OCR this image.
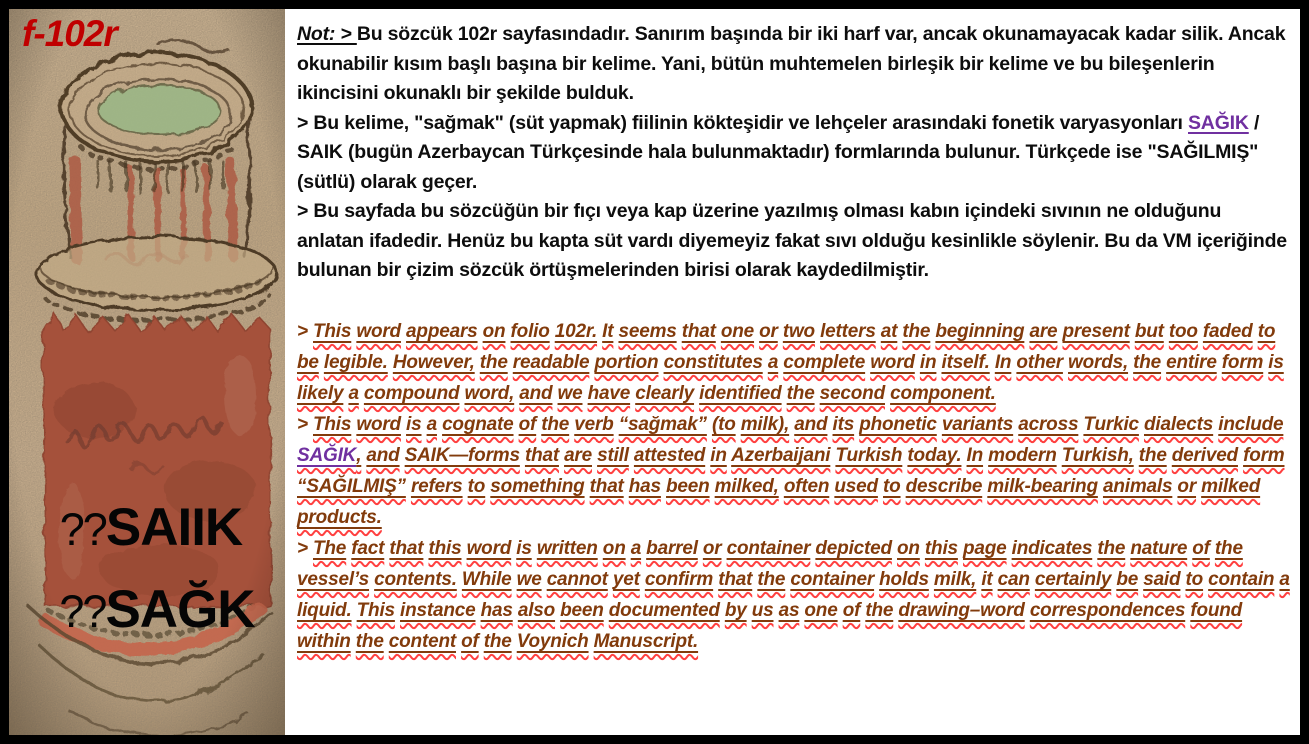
f-102r
??SAIIK
??SAĞK

Not: > Bu sözcük 102r sayfasındadır. Sanırım başında bir iki harf var, ancak okunamayacak kadar silik. Ancak okunabilir kısım başlı başına bir kelime. Yani, bütün muhtemelen birleşik bir kelime ve bu bileşenlerin ikincisini okunaklı bir şekilde bulduk.

> Bu kelime, "sağmak" (süt yapmak) fiilinin kökteşidir ve lehçeler arasındaki fonetik varyasyonları SAĞIK / SAIK (bugün Azerbaycan Türkçesinde hala bulunmaktadır) formlarında bulunur. Türkçede ise "SAĞILMIŞ" (sütlü) olarak geçer.

> Bu sayfada bu sözcüğün bir fıçı veya kap üzerine yazılmış olması kabın içindeki sıvının ne olduğunu anlatan ifadedir. Henüz bu kapta süt vardı diyemeyiz fakat sıvı olduğu kesinlikle söylenir. Bu da VM içeriğinde bulunan bir çizim sözcük örtüşmelerinden birisi olarak kaydedilmiştir.

> This word appears on folio 102r. It seems that one or two letters at the beginning are present but too faded to be legible. However, the readable portion constitutes a complete word in itself. In other words, the entire form is likely a compound word, and we have clearly identified the second component.

> This word is a cognate of the verb “sağmak” (to milk), and its phonetic variants across Turkic dialects include SAĞIK, and SAIK—forms that are still attested in Azerbaijani Turkish today. In modern Turkish, the derived form “SAĞILMIŞ” refers to something that has been milked, often used to describe milk-bearing animals or milked products.

> The fact that this word is written on a barrel or container depicted on this page indicates the nature of the vessel’s contents. While we cannot yet confirm that the container holds milk, it can certainly be said to contain a liquid. This instance has also been documented by us as one of the drawing–word correspondences found within the content of the Voynich Manuscript.
